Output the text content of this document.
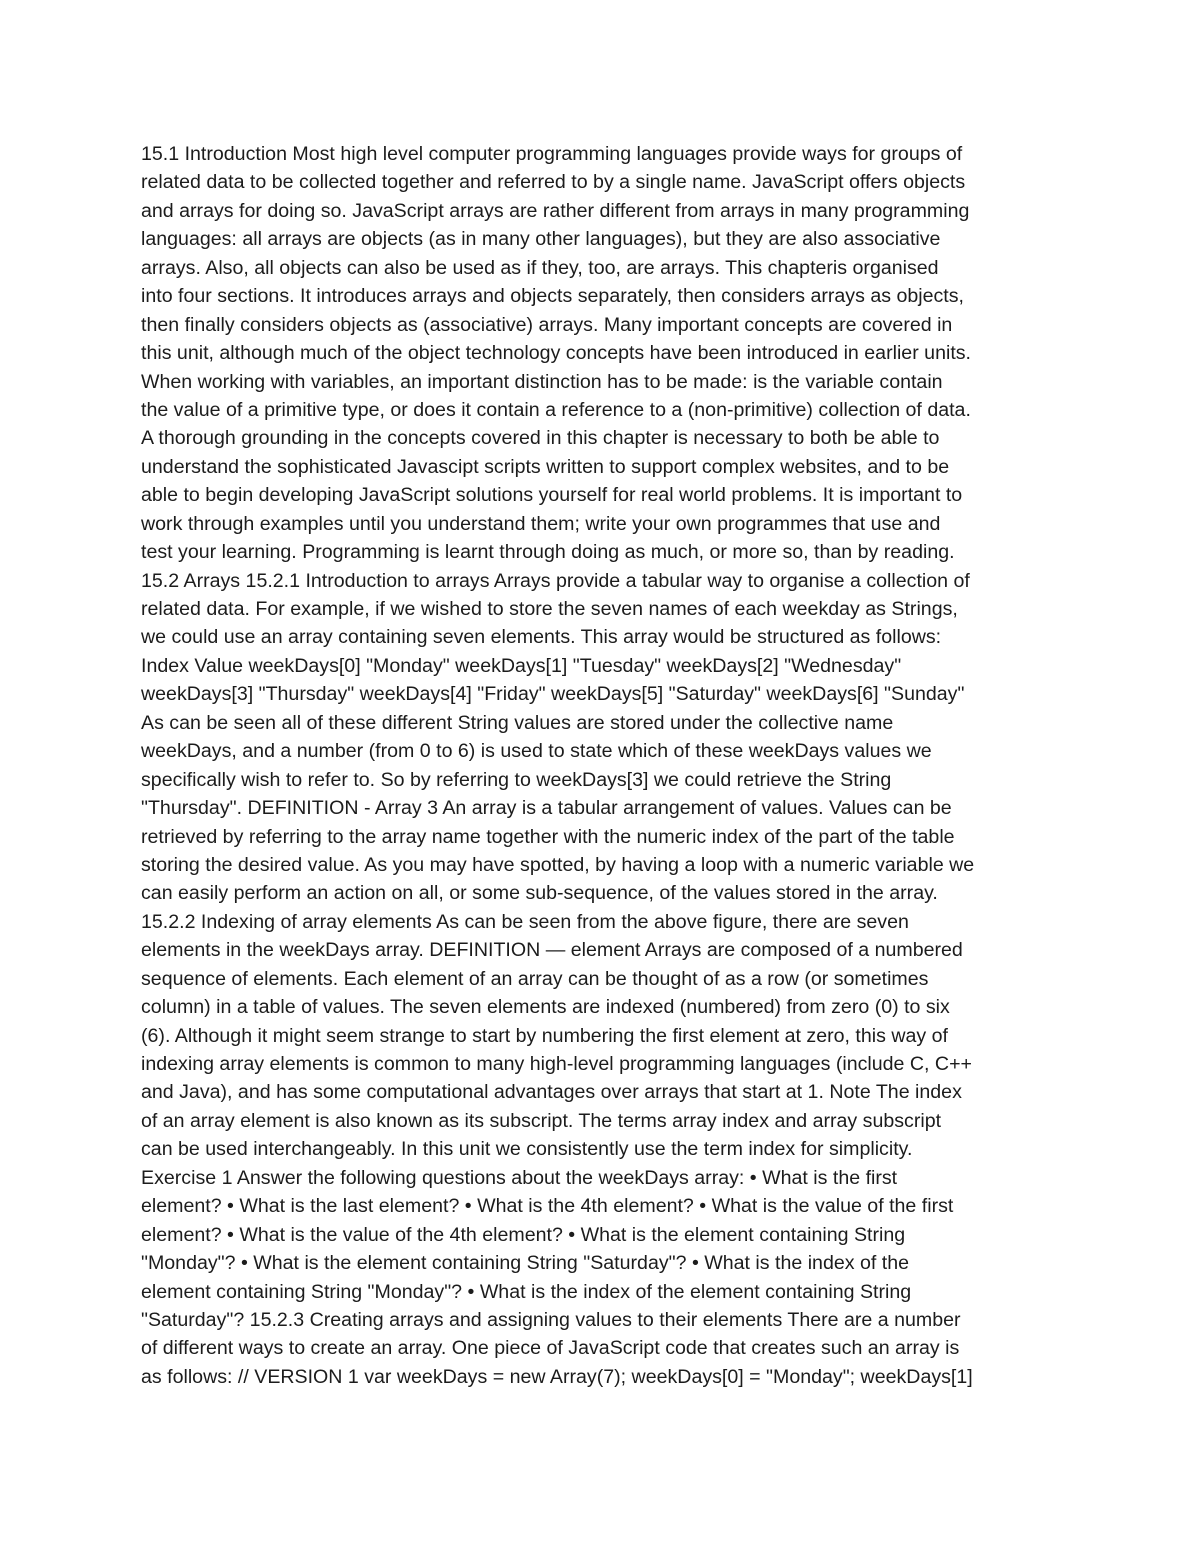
15.1 Introduction Most high level computer programming languages provide ways for groups of
related data to be collected together and referred to by a single name. JavaScript offers objects
and arrays for doing so. JavaScript arrays are rather different from arrays in many programming
languages: all arrays are objects (as in many other languages), but they are also associative
arrays. Also, all objects can also be used as if they, too, are arrays. This chapteris organised
into four sections. It introduces arrays and objects separately, then considers arrays as objects,
then finally considers objects as (associative) arrays. Many important concepts are covered in
this unit, although much of the object technology concepts have been introduced in earlier units.
When working with variables, an important distinction has to be made: is the variable contain
the value of a primitive type, or does it contain a reference to a (non-primitive) collection of data.
A thorough grounding in the concepts covered in this chapter is necessary to both be able to
understand the sophisticated Javascipt scripts written to support complex websites, and to be
able to begin developing JavaScript solutions yourself for real world problems. It is important to
work through examples until you understand them; write your own programmes that use and
test your learning. Programming is learnt through doing as much, or more so, than by reading.
15.2 Arrays 15.2.1 Introduction to arrays Arrays provide a tabular way to organise a collection of
related data. For example, if we wished to store the seven names of each weekday as Strings,
we could use an array containing seven elements. This array would be structured as follows:
Index Value weekDays[0] "Monday" weekDays[1] "Tuesday" weekDays[2] "Wednesday"
weekDays[3] "Thursday" weekDays[4] "Friday" weekDays[5] "Saturday" weekDays[6] "Sunday"
As can be seen all of these different String values are stored under the collective name
weekDays, and a number (from 0 to 6) is used to state which of these weekDays values we
specifically wish to refer to. So by referring to weekDays[3] we could retrieve the String
"Thursday". DEFINITION - Array 3 An array is a tabular arrangement of values. Values can be
retrieved by referring to the array name together with the numeric index of the part of the table
storing the desired value. As you may have spotted, by having a loop with a numeric variable we
can easily perform an action on all, or some sub-sequence, of the values stored in the array.
15.2.2 Indexing of array elements As can be seen from the above figure, there are seven
elements in the weekDays array. DEFINITION — element Arrays are composed of a numbered
sequence of elements. Each element of an array can be thought of as a row (or sometimes
column) in a table of values. The seven elements are indexed (numbered) from zero (0) to six
(6). Although it might seem strange to start by numbering the first element at zero, this way of
indexing array elements is common to many high-level programming languages (include C, C++
and Java), and has some computational advantages over arrays that start at 1. Note The index
of an array element is also known as its subscript. The terms array index and array subscript
can be used interchangeably. In this unit we consistently use the term index for simplicity.
Exercise 1 Answer the following questions about the weekDays array: • What is the first
element? • What is the last element? • What is the 4th element? • What is the value of the first
element? • What is the value of the 4th element? • What is the element containing String
"Monday"? • What is the element containing String "Saturday"? • What is the index of the
element containing String "Monday"? • What is the index of the element containing String
"Saturday"? 15.2.3 Creating arrays and assigning values to their elements There are a number
of different ways to create an array. One piece of JavaScript code that creates such an array is
as follows: // VERSION 1 var weekDays = new Array(7); weekDays[0] = "Monday"; weekDays[1]
